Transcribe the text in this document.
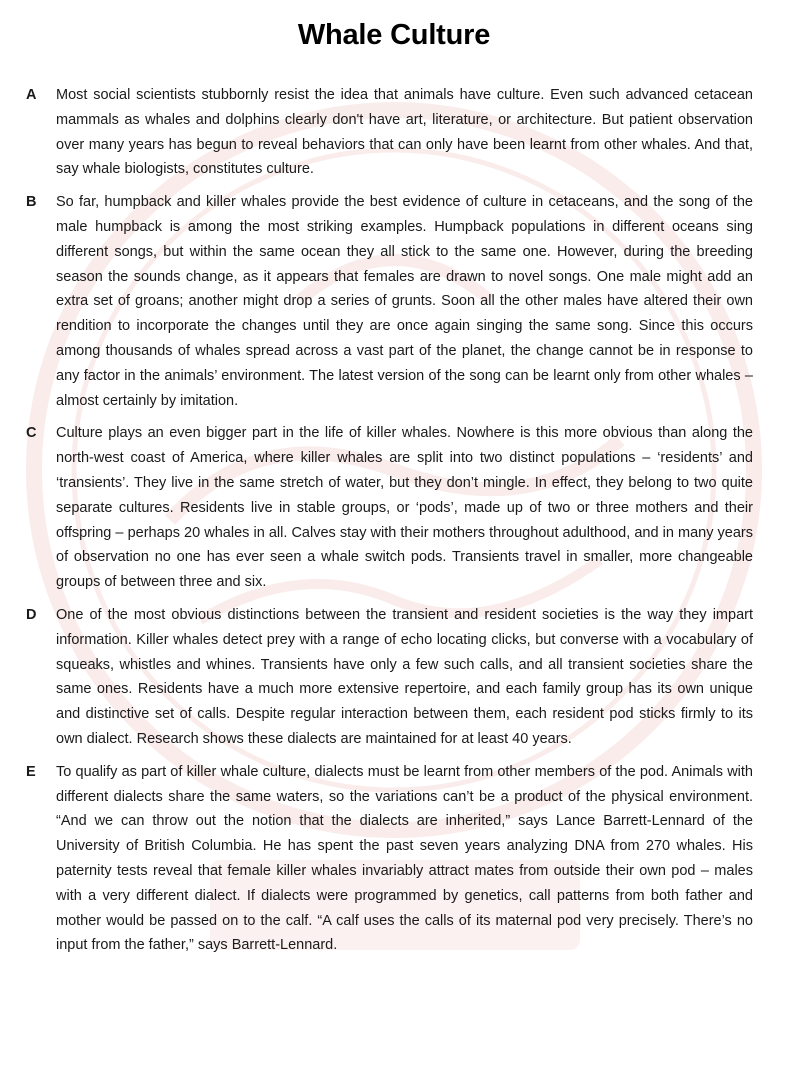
Whale Culture
A	Most social scientists stubbornly resist the idea that animals have culture. Even such advanced cetacean mammals as whales and dolphins clearly don't have art, literature, or architecture. But patient observation over many years has begun to reveal behaviors that can only have been learnt from other whales. And that, say whale biologists, constitutes culture.

B	So far, humpback and killer whales provide the best evidence of culture in cetaceans, and the song of the male humpback is among the most striking examples. Humpback populations in different oceans sing different songs, but within the same ocean they all stick to the same one. However, during the breeding season the sounds change, as it appears that females are drawn to novel songs. One male might add an extra set of groans; another might drop a series of grunts. Soon all the other males have altered their own rendition to incorporate the changes until they are once again singing the same song. Since this occurs among thousands of whales spread across a vast part of the planet, the change cannot be in response to any factor in the animals’ environment. The latest version of the song can be learnt only from other whales – almost certainly by imitation.

C	Culture plays an even bigger part in the life of killer whales. Nowhere is this more obvious than along the north-west coast of America, where killer whales are split into two distinct populations – ‘residents’ and ‘transients’. They live in the same stretch of water, but they don’t mingle. In effect, they belong to two quite separate cultures. Residents live in stable groups, or ‘pods’, made up of two or three mothers and their offspring – perhaps 20 whales in all. Calves stay with their mothers throughout adulthood, and in many years of observation no one has ever seen a whale switch pods. Transients travel in smaller, more changeable groups of between three and six.

D	One of the most obvious distinctions between the transient and resident societies is the way they impart information. Killer whales detect prey with a range of echo locating clicks, but converse with a vocabulary of squeaks, whistles and whines. Transients have only a few such calls, and all transient societies share the same ones. Residents have a much more extensive repertoire, and each family group has its own unique and distinctive set of calls. Despite regular interaction between them, each resident pod sticks firmly to its own dialect. Research shows these dialects are maintained for at least 40 years.

E	To qualify as part of killer whale culture, dialects must be learnt from other members of the pod. Animals with different dialects share the same waters, so the variations can’t be a product of the physical environment. “And we can throw out the notion that the dialects are inherited,” says Lance Barrett-Lennard of the University of British Columbia. He has spent the past seven years analyzing DNA from 270 whales. His paternity tests reveal that female killer whales invariably attract mates from outside their own pod – males with a very different dialect. If dialects were programmed by genetics, call patterns from both father and mother would be passed on to the calf. “A calf uses the calls of its maternal pod very precisely. There’s no input from the father,” says Barrett-Lennard.
